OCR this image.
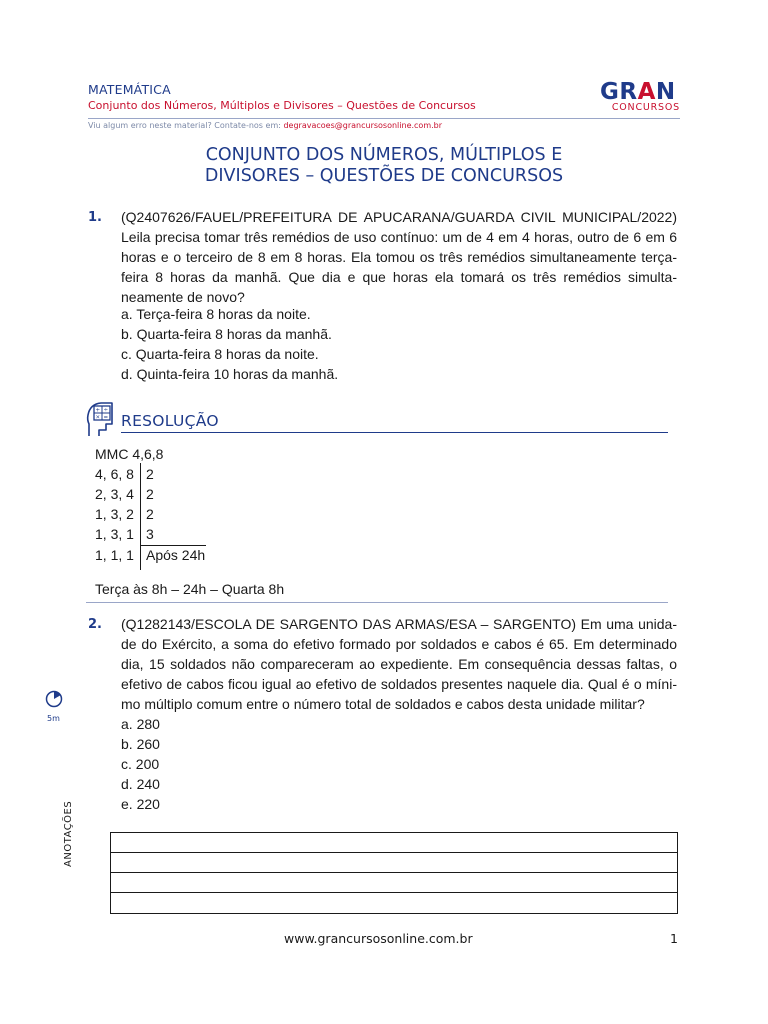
MATEMÁTICA
Conjunto dos Números, Múltiplos e Divisores – Questões de Concursos
GRAN
CONCURSOS
Viu algum erro neste material? Contate-nos em: degravacoes@grancursosonline.com.br
CONJUNTO DOS NÚMEROS, MÚLTIPLOS E
DIVISORES – QUESTÕES DE CONCURSOS
1. (Q2407626/FAUEL/PREFEITURA DE APUCARANA/GUARDA CIVIL MUNICIPAL/2022) Leila precisa tomar três remédios de uso contínuo: um de 4 em 4 horas, outro de 6 em 6 horas e o terceiro de 8 em 8 horas. Ela tomou os três remédios simultaneamente terça-feira 8 horas da manhã. Que dia e que horas ela tomará os três remédios simulta-neamente de novo?
a. Terça-feira 8 horas da noite.
b. Quarta-feira 8 horas da manhã.
c. Quarta-feira 8 horas da noite.
d. Quinta-feira 10 horas da manhã.
+ ÷
× = RESOLUÇÃO
MMC 4,6,8
4, 6, 8 2
2, 3, 4 2
1, 3, 2 2
1, 3, 1 3
1, 1, 1 Após 24h
Terça às 8h – 24h – Quarta 8h
2. (Q1282143/ESCOLA DE SARGENTO DAS ARMAS/ESA – SARGENTO) Em uma unida-de do Exército, a soma do efetivo formado por soldados e cabos é 65. Em determinado dia, 15 soldados não compareceram ao expediente. Em consequência dessas faltas, o efetivo de cabos ficou igual ao efetivo de soldados presentes naquele dia. Qual é o míni-mo múltiplo comum entre o número total de soldados e cabos desta unidade militar?
a. 280
b. 260
c. 200
d. 240
e. 220
5m
ANOTAÇÕES
www.grancursosonline.com.br	1
